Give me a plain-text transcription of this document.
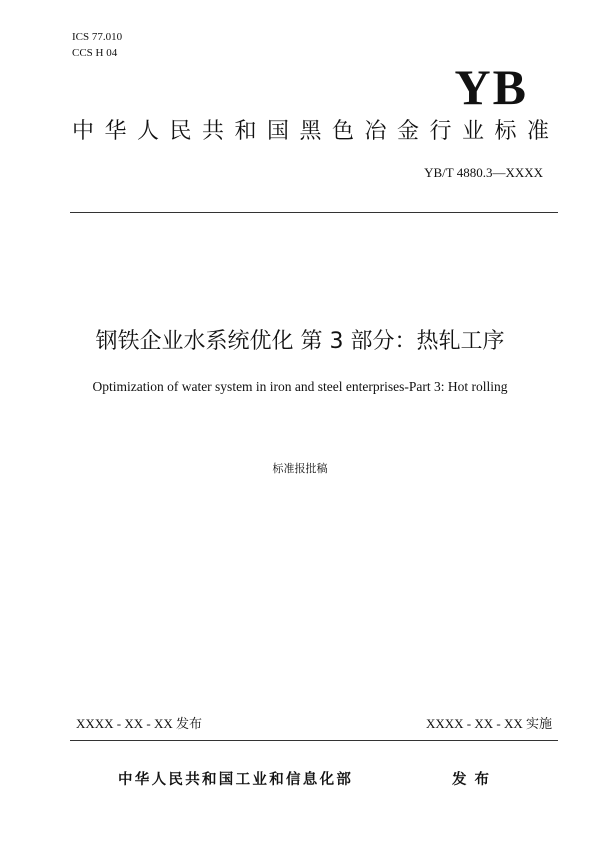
ICS 77.010
CCS H 04
YB
中华人民共和国黑色冶金行业标准
YB/T 4880.3—XXXX
钢铁企业水系统优化 第 3 部分：热轧工序
Optimization of water system in iron and steel enterprises-Part 3: Hot rolling
标准报批稿
XXXX - XX - XX 发布	XXXX - XX - XX 实施
中华人民共和国工业和信息化部	发布
